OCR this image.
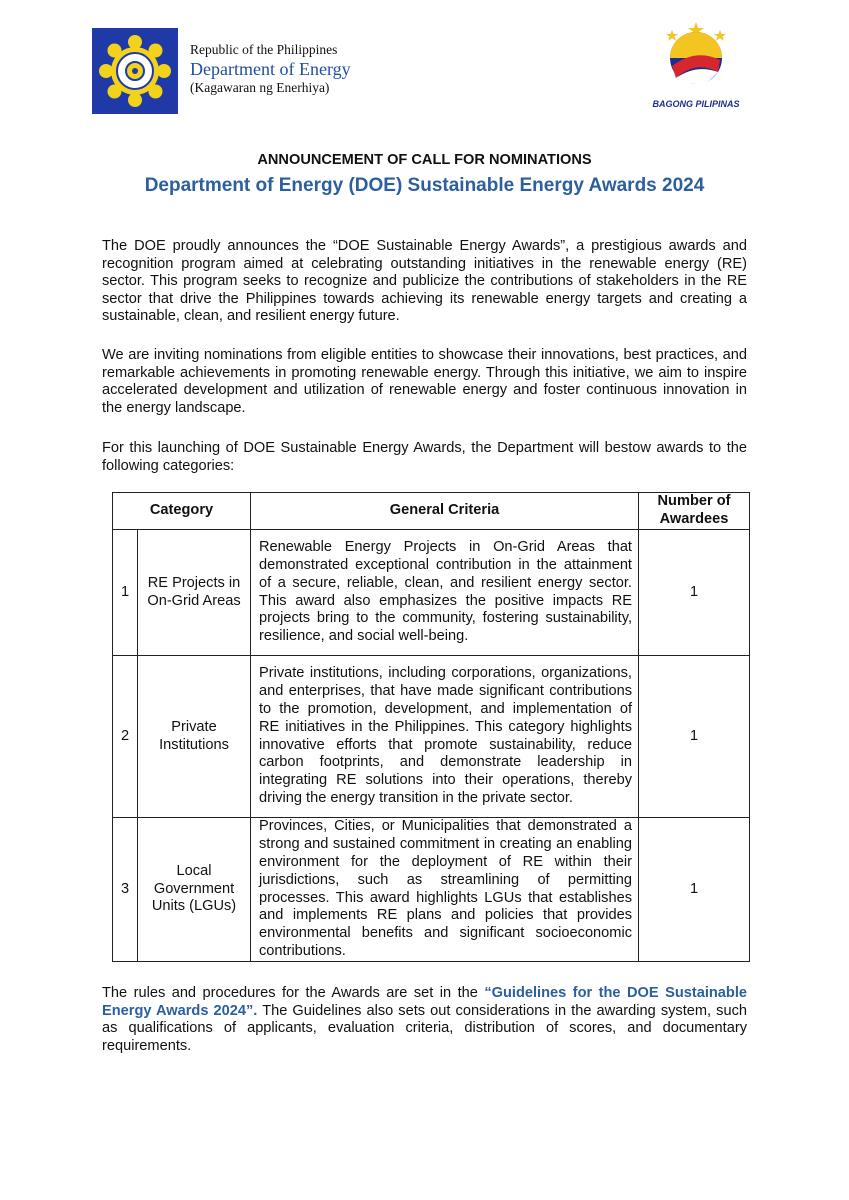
Republic of the Philippines
Department of Energy
(Kagawaran ng Enerhiya)
BAGONG PILIPINAS
ANNOUNCEMENT OF CALL FOR NOMINATIONS
Department of Energy (DOE) Sustainable Energy Awards 2024
The DOE proudly announces the “DOE Sustainable Energy Awards”, a prestigious awards and recognition program aimed at celebrating outstanding initiatives in the renewable energy (RE) sector. This program seeks to recognize and publicize the contributions of stakeholders in the RE sector that drive the Philippines towards achieving its renewable energy targets and creating a sustainable, clean, and resilient energy future.
We are inviting nominations from eligible entities to showcase their innovations, best practices, and remarkable achievements in promoting renewable energy. Through this initiative, we aim to inspire accelerated development and utilization of renewable energy and foster continuous innovation in the energy landscape.
For this launching of DOE Sustainable Energy Awards, the Department will bestow awards to the following categories:
Category		General Criteria	Number of Awardees
1	RE Projects in On-Grid Areas	Renewable Energy Projects in On-Grid Areas that demonstrated exceptional contribution in the attainment of a secure, reliable, clean, and resilient energy sector. This award also emphasizes the positive impacts RE projects bring to the community, fostering sustainability, resilience, and social well-being.	1
2	Private Institutions	Private institutions, including corporations, organizations, and enterprises, that have made significant contributions to the promotion, development, and implementation of RE initiatives in the Philippines. This category highlights innovative efforts that promote sustainability, reduce carbon footprints, and demonstrate leadership in integrating RE solutions into their operations, thereby driving the energy transition in the private sector.	1
3	Local Government Units (LGUs)	Provinces, Cities, or Municipalities that demonstrated a strong and sustained commitment in creating an enabling environment for the deployment of RE within their jurisdictions, such as streamlining of permitting processes. This award highlights LGUs that establishes and implements RE plans and policies that provides environmental benefits and significant socioeconomic contributions.	1
The rules and procedures for the Awards are set in the “Guidelines for the DOE Sustainable Energy Awards 2024”. The Guidelines also sets out considerations in the awarding system, such as qualifications of applicants, evaluation criteria, distribution of scores, and documentary requirements.
